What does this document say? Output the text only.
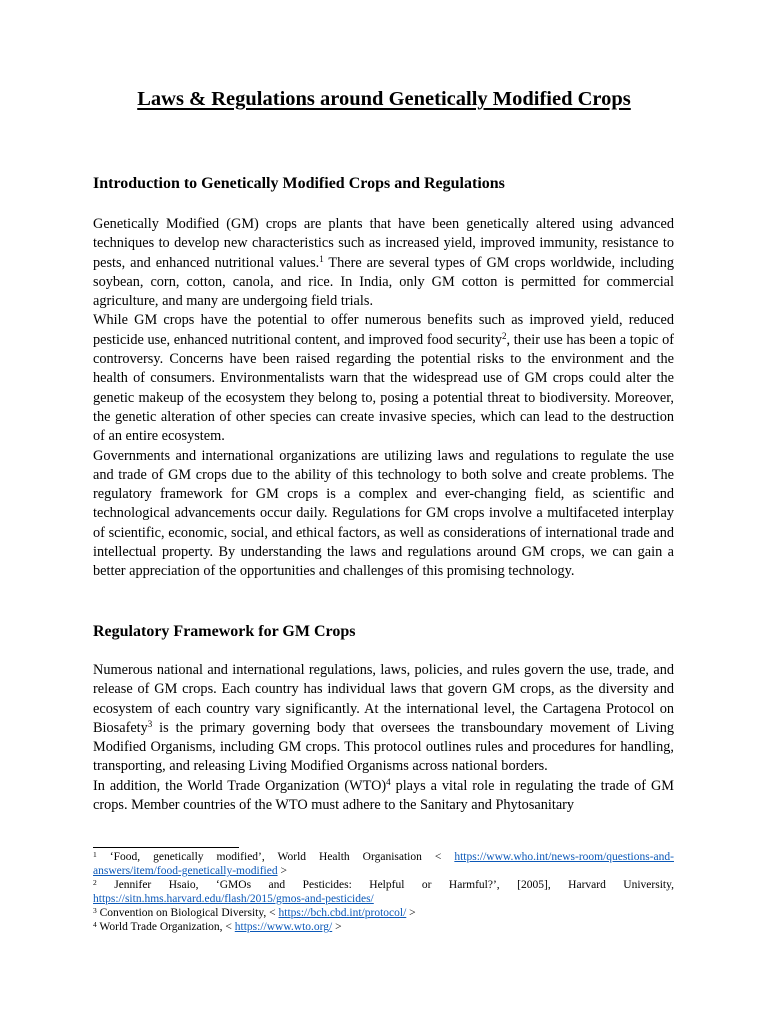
Laws & Regulations around Genetically Modified Crops
Introduction to Genetically Modified Crops and Regulations

Genetically Modified (GM) crops are plants that have been genetically altered using advanced techniques to develop new characteristics such as increased yield, improved immunity, resistance to pests, and enhanced nutritional values.$^1$ There are several types of GM crops worldwide, including soybean, corn, cotton, canola, and rice. In India, only GM cotton is permitted for commercial agriculture, and many are undergoing field trials.

While GM crops have the potential to offer numerous benefits such as improved yield, reduced pesticide use, enhanced nutritional content, and improved food security$^2$, their use has been a topic of controversy. Concerns have been raised regarding the potential risks to the environment and the health of consumers. Environmentalists warn that the widespread use of GM crops could alter the genetic makeup of the ecosystem they belong to, posing a potential threat to biodiversity. Moreover, the genetic alteration of other species can create invasive species, which can lead to the destruction of an entire ecosystem.

Governments and international organizations are utilizing laws and regulations to regulate the use and trade of GM crops due to the ability of this technology to both solve and create problems. The regulatory framework for GM crops is a complex and ever-changing field, as scientific and technological advancements occur daily. Regulations for GM crops involve a multifaceted interplay of scientific, economic, social, and ethical factors, as well as considerations of international trade and intellectual property. By understanding the laws and regulations around GM crops, we can gain a better appreciation of the opportunities and challenges of this promising technology.

Regulatory Framework for GM Crops

Numerous national and international regulations, laws, policies, and rules govern the use, trade, and release of GM crops. Each country has individual laws that govern GM crops, as the diversity and ecosystem of each country vary significantly. At the international level, the Cartagena Protocol on Biosafety$^3$ is the primary governing body that oversees the transboundary movement of Living Modified Organisms, including GM crops. This protocol outlines rules and procedures for handling, transporting, and releasing Living Modified Organisms across national borders.

In addition, the World Trade Organization (WTO)$^4$ plays a vital role in regulating the trade of GM crops. Member countries of the WTO must adhere to the Sanitary and Phytosanitary

$^1$ ‘Food, genetically modified’, World Health Organisation < https://www.who.int/news-room/questions-and-answers/item/food-genetically-modified >

$^2$ Jennifer Hsaio, ‘GMOs and Pesticides: Helpful or Harmful?’, [2005], Harvard University, https://sitn.hms.harvard.edu/flash/2015/gmos-and-pesticides/

$^3$ Convention on Biological Diversity, < https://bch.cbd.int/protocol/ >

$^4$ World Trade Organization, < https://www.wto.org/ >
